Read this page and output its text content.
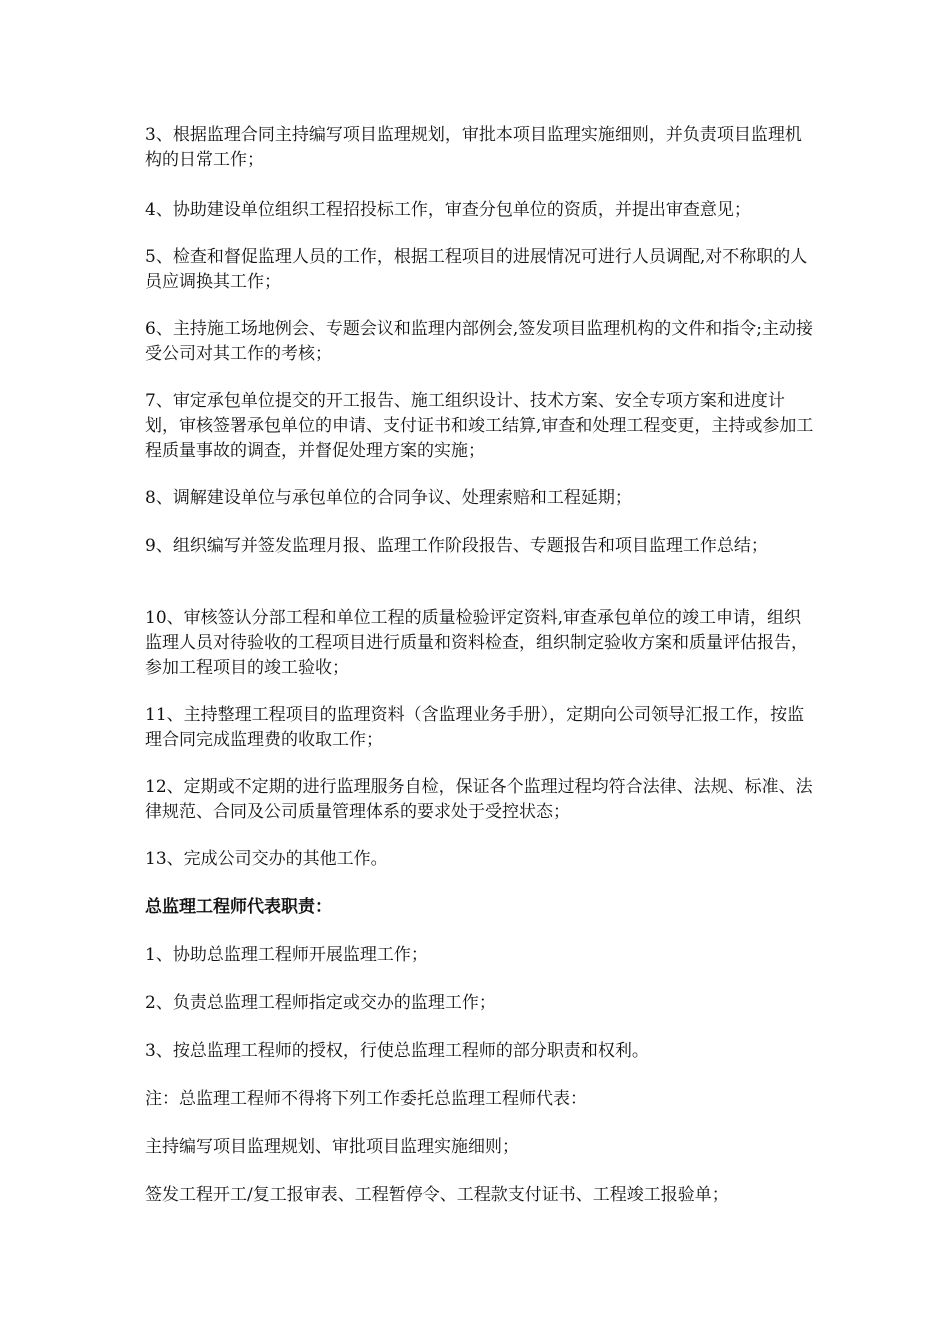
3、根据监理合同主持编写项目监理规划，审批本项目监理实施细则，并负责项目监理机构的日常工作；

4、协助建设单位组织工程招投标工作，审查分包单位的资质，并提出审查意见；

5、检查和督促监理人员的工作，根据工程项目的进展情况可进行人员调配,对不称职的人员应调换其工作；

6、主持施工场地例会、专题会议和监理内部例会,签发项目监理机构的文件和指令;主动接受公司对其工作的考核；

7、审定承包单位提交的开工报告、施工组织设计、技术方案、安全专项方案和进度计划，审核签署承包单位的申请、支付证书和竣工结算,审查和处理工程变更，主持或参加工程质量事故的调查，并督促处理方案的实施；

8、调解建设单位与承包单位的合同争议、处理索赔和工程延期；

9、组织编写并签发监理月报、监理工作阶段报告、专题报告和项目监理工作总结；

10、审核签认分部工程和单位工程的质量检验评定资料,审查承包单位的竣工申请，组织监理人员对待验收的工程项目进行质量和资料检查，组织制定验收方案和质量评估报告，参加工程项目的竣工验收；

11、主持整理工程项目的监理资料（含监理业务手册），定期向公司领导汇报工作，按监理合同完成监理费的收取工作；

12、定期或不定期的进行监理服务自检，保证各个监理过程均符合法律、法规、标准、法律规范、合同及公司质量管理体系的要求处于受控状态；

13、完成公司交办的其他工作。

总监理工程师代表职责：

1、协助总监理工程师开展监理工作；

2、负责总监理工程师指定或交办的监理工作；

3、按总监理工程师的授权，行使总监理工程师的部分职责和权利。

注：总监理工程师不得将下列工作委托总监理工程师代表：

主持编写项目监理规划、审批项目监理实施细则；

签发工程开工/复工报审表、工程暂停令、工程款支付证书、工程竣工报验单；
